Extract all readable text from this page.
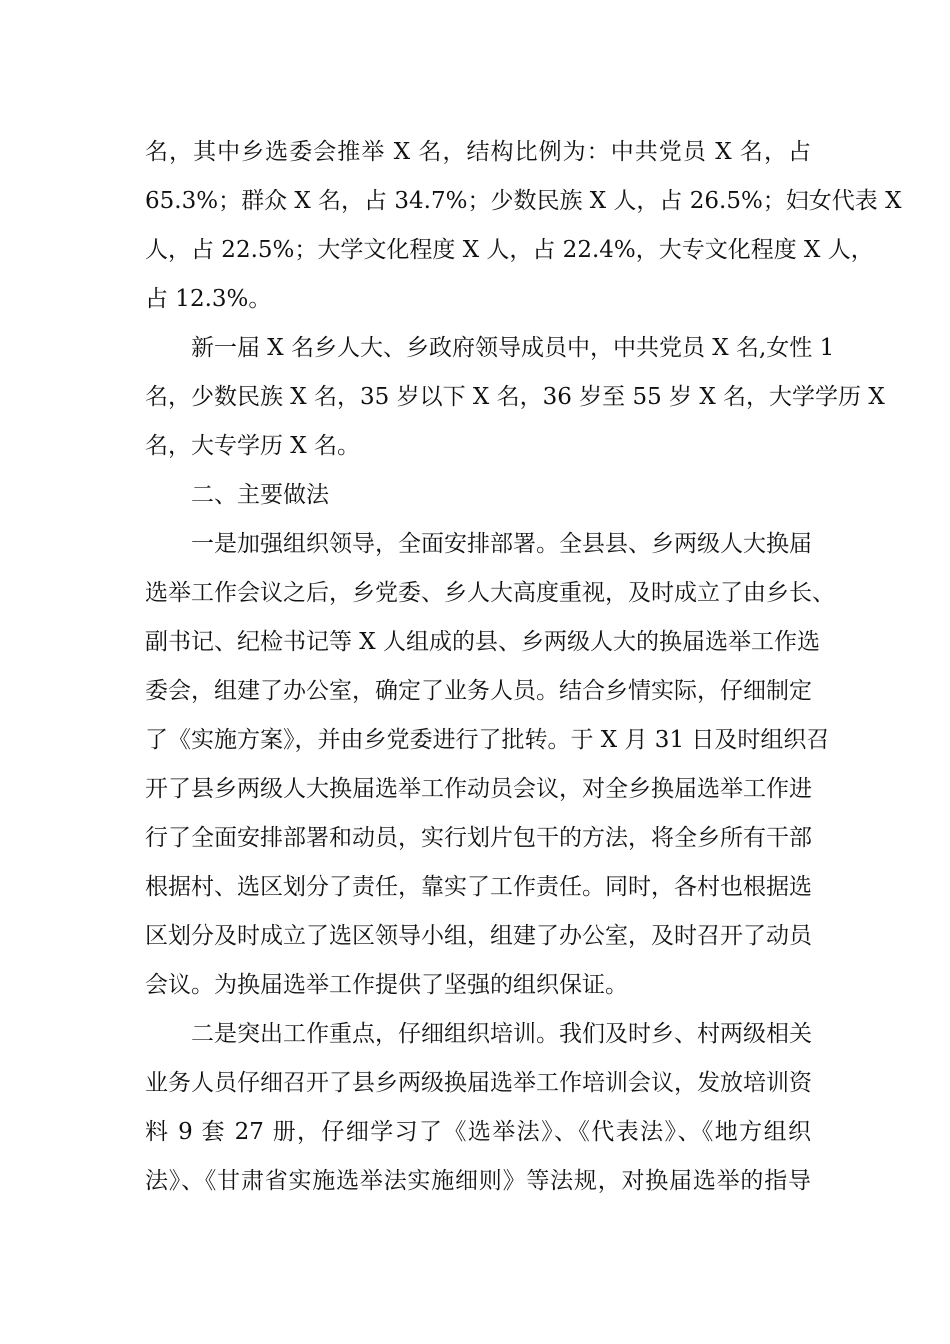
名，其中乡选委会推举 X 名，结构比例为：中共党员 X 名，占
65.3%；群众 X 名，占 34.7%；少数民族 X 人，占 26.5%；妇女代表 X
人，占 22.5%；大学文化程度 X 人，占 22.4%，大专文化程度 X 人，
占 12.3%。
新一届 X 名乡人大、乡政府领导成员中，中共党员 X 名,女性 1
名，少数民族 X 名，35 岁以下 X 名，36 岁至 55 岁 X 名，大学学历 X
名，大专学历 X 名。
二、主要做法
一是加强组织领导，全面安排部署。全县县、乡两级人大换届
选举工作会议之后，乡党委、乡人大高度重视，及时成立了由乡长、
副书记、纪检书记等 X 人组成的县、乡两级人大的换届选举工作选
委会，组建了办公室，确定了业务人员。结合乡情实际，仔细制定
了《实施方案》，并由乡党委进行了批转。于 X 月 31 日及时组织召
开了县乡两级人大换届选举工作动员会议，对全乡换届选举工作进
行了全面安排部署和动员，实行划片包干的方法，将全乡所有干部
根据村、选区划分了责任，靠实了工作责任。同时，各村也根据选
区划分及时成立了选区领导小组，组建了办公室，及时召开了动员
会议。为换届选举工作提供了坚强的组织保证。
二是突出工作重点，仔细组织培训。我们及时乡、村两级相关
业务人员仔细召开了县乡两级换届选举工作培训会议，发放培训资
料 9 套 27 册，仔细学习了《选举法》、《代表法》、《地方组织
法》、《甘肃省实施选举法实施细则》等法规，对换届选举的指导
